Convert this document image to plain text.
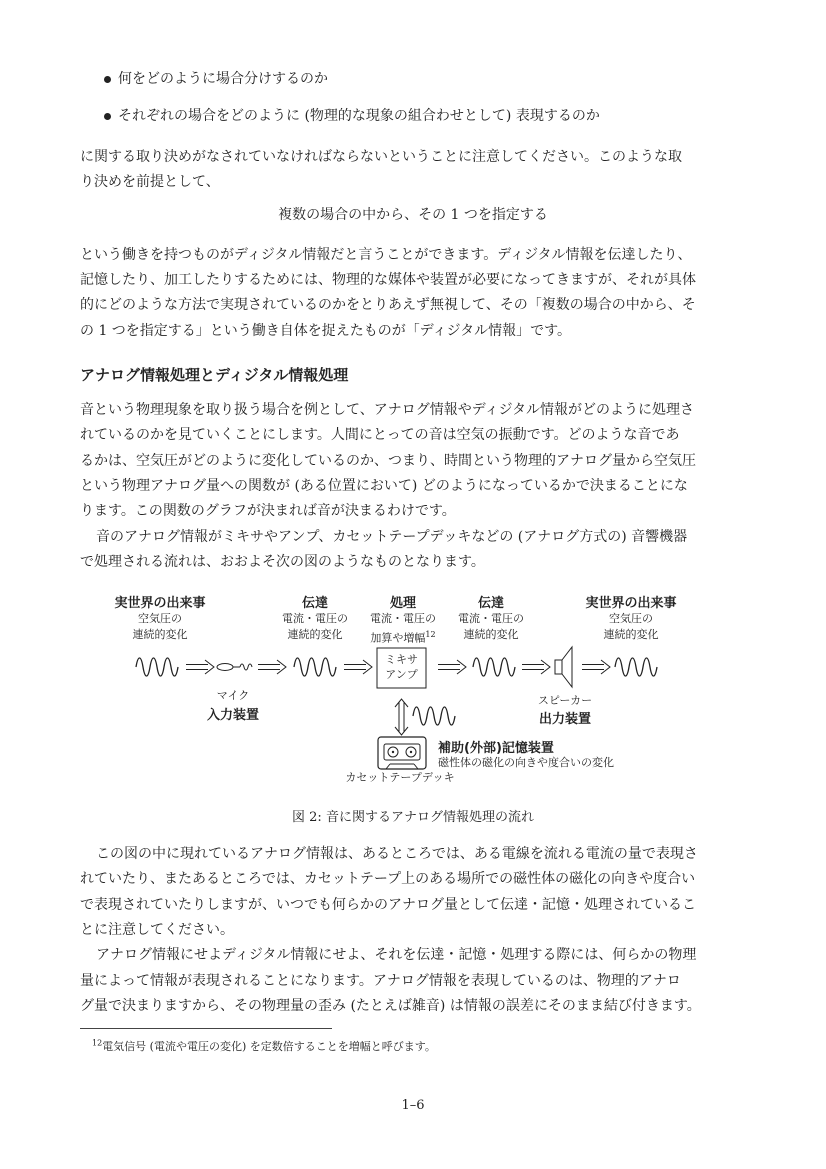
何をどのように場合分けするのか
それぞれの場合をどのように (物理的な現象の組合わせとして) 表現するのか
に関する取り決めがなされていなければならないということに注意してください。このような取
り決めを前提として、
複数の場合の中から、その 1 つを指定する
という働きを持つものがディジタル情報だと言うことができます。ディジタル情報を伝達したり、
記憶したり、加工したりするためには、物理的な媒体や装置が必要になってきますが、それが具体
的にどのような方法で実現されているのかをとりあえず無視して、その「複数の場合の中から、そ
の 1 つを指定する」という働き自体を捉えたものが「ディジタル情報」です。
アナログ情報処理とディジタル情報処理
音という物理現象を取り扱う場合を例として、アナログ情報やディジタル情報がどのように処理さ
れているのかを見ていくことにします。人間にとっての音は空気の振動です。どのような音であ
るかは、空気圧がどのように変化しているのか、つまり、時間という物理的アナログ量から空気圧
という物理アナログ量への関数が (ある位置において) どのようになっているかで決まることにな
ります。この関数のグラフが決まれば音が決まるわけです。
音のアナログ情報がミキサやアンプ、カセットテープデッキなどの (アナログ方式の) 音響機器
で処理される流れは、おおよそ次の図のようなものとなります。
実世界の出来事
空気圧の
連続的変化
伝達
電流・電圧の
連続的変化
処理
電流・電圧の
加算や増幅$^{12}$
伝達
電流・電圧の
連続的変化
実世界の出来事
空気圧の
連続的変化
ミキサ
アンプ
マイク
入力装置
スピーカー
出力装置
補助(外部)記憶装置
磁性体の磁化の向きや度合いの変化
カセットテープデッキ
図 2: 音に関するアナログ情報処理の流れ
この図の中に現れているアナログ情報は、あるところでは、ある電線を流れる電流の量で表現さ
れていたり、またあるところでは、カセットテープ上のある場所での磁性体の磁化の向きや度合い
で表現されていたりしますが、いつでも何らかのアナログ量として伝達・記憶・処理されているこ
とに注意してください。
アナログ情報にせよディジタル情報にせよ、それを伝達・記憶・処理する際には、何らかの物理
量によって情報が表現されることになります。アナログ情報を表現しているのは、物理的アナロ
グ量で決まりますから、その物理量の歪み (たとえば雑音) は情報の誤差にそのまま結び付きます。
$^{12}$電気信号 (電流や電圧の変化) を定数倍することを増幅と呼びます。
1–6
